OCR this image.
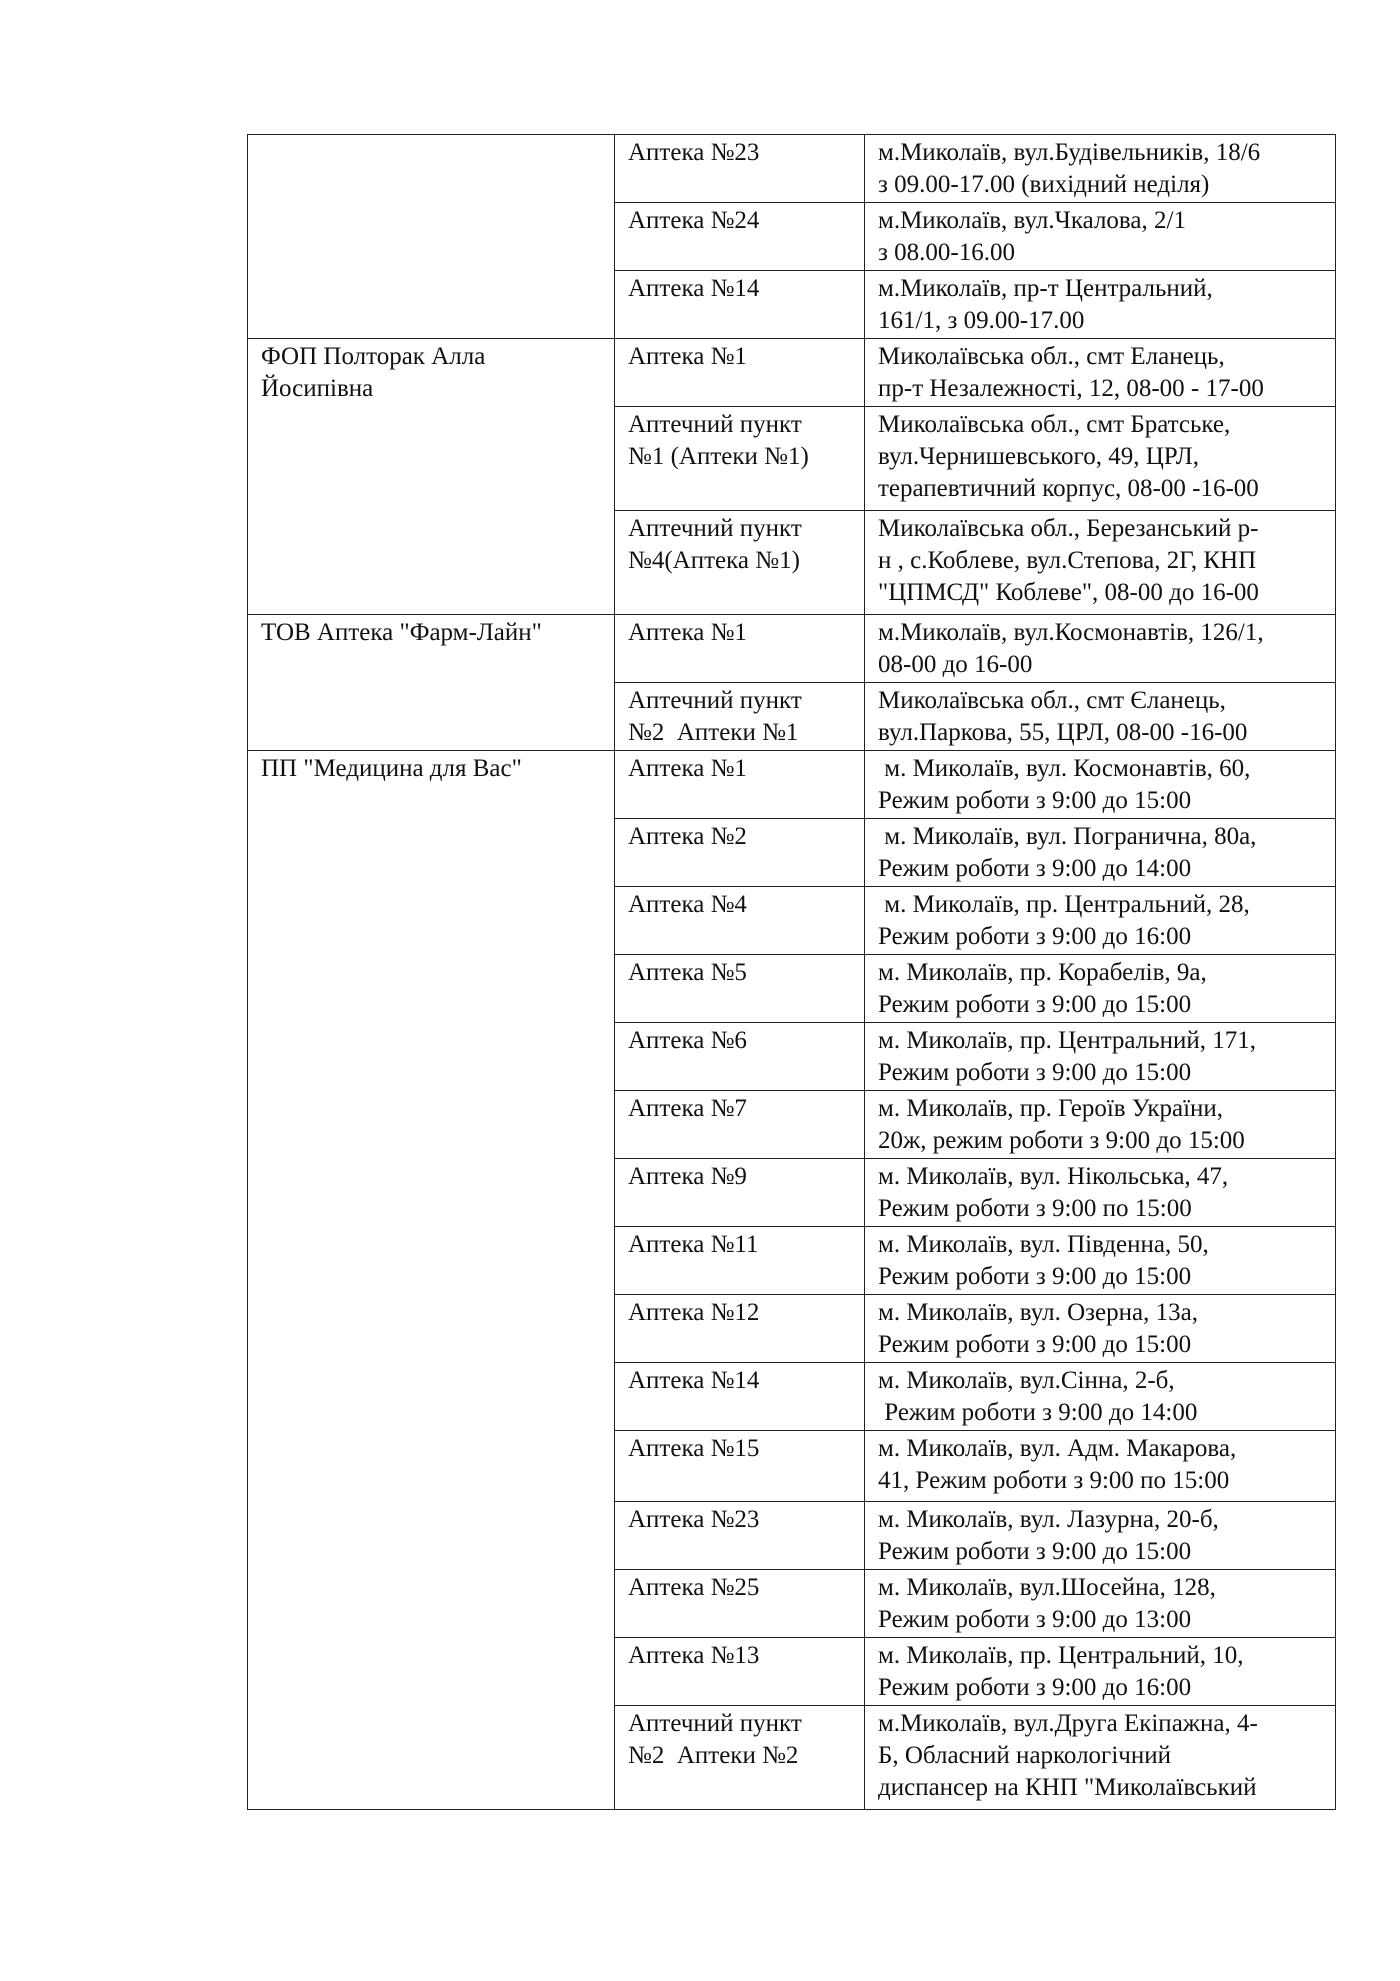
	Аптека №23	м.Миколаїв, вул.Будівельників, 18/6
з 09.00-17.00 (вихідний неділя)
	Аптека №24	м.Миколаїв, вул.Чкалова, 2/1
з 08.00-16.00
	Аптека №14	м.Миколаїв, пр-т Центральний,
161/1, з 09.00-17.00
ФОП Полторак Алла
Йосипівна	Аптека №1	Миколаївська обл., смт Еланець,
пр-т Незалежності, 12, 08-00 - 17-00
	Аптечний пункт
№1 (Аптеки №1)	Миколаївська обл., смт Братське,
вул.Чернишевського, 49, ЦРЛ,
терапевтичний корпус, 08-00 -16-00
	Аптечний пункт
№4(Аптека №1)	Миколаївська обл., Березанський р-
н , с.Коблеве, вул.Степова, 2Г, КНП
"ЦПМСД" Коблеве", 08-00 до 16-00
ТОВ Аптека "Фарм-Лайн"	Аптека №1	м.Миколаїв, вул.Космонавтів, 126/1,
08-00 до 16-00
	Аптечний пункт
№2  Аптеки №1	Миколаївська обл., смт Єланець,
вул.Паркова, 55, ЦРЛ, 08-00 -16-00
ПП "Медицина для Вас"	Аптека №1	м. Миколаїв, вул. Космонавтів, 60,
Режим роботи з 9:00 до 15:00
	Аптека №2	м. Миколаїв, вул. Погранична, 80а,
Режим роботи з 9:00 до 14:00
	Аптека №4	м. Миколаїв, пр. Центральний, 28,
Режим роботи з 9:00 до 16:00
	Аптека №5	м. Миколаїв, пр. Корабелів, 9а,
Режим роботи з 9:00 до 15:00
	Аптека №6	м. Миколаїв, пр. Центральний, 171,
Режим роботи з 9:00 до 15:00
	Аптека №7	м. Миколаїв, пр. Героїв України,
20ж, режим роботи з 9:00 до 15:00
	Аптека №9	м. Миколаїв, вул. Нікольська, 47,
Режим роботи з 9:00 по 15:00
	Аптека №11	м. Миколаїв, вул. Південна, 50,
Режим роботи з 9:00 до 15:00
	Аптека №12	м. Миколаїв, вул. Озерна, 13а,
Режим роботи з 9:00 до 15:00
	Аптека №14	м. Миколаїв, вул.Сінна, 2-б,
Режим роботи з 9:00 до 14:00
	Аптека №15	м. Миколаїв, вул. Адм. Макарова,
41, Режим роботи з 9:00 по 15:00
	Аптека №23	м. Миколаїв, вул. Лазурна, 20-б,
Режим роботи з 9:00 до 15:00
	Аптека №25	м. Миколаїв, вул.Шосейна, 128,
Режим роботи з 9:00 до 13:00
	Аптека №13	м. Миколаїв, пр. Центральний, 10,
Режим роботи з 9:00 до 16:00
	Аптечний пункт
№2  Аптеки №2	м.Миколаїв, вул.Друга Екіпажна, 4-
Б, Обласний наркологічний
диспансер на КНП "Миколаївський
